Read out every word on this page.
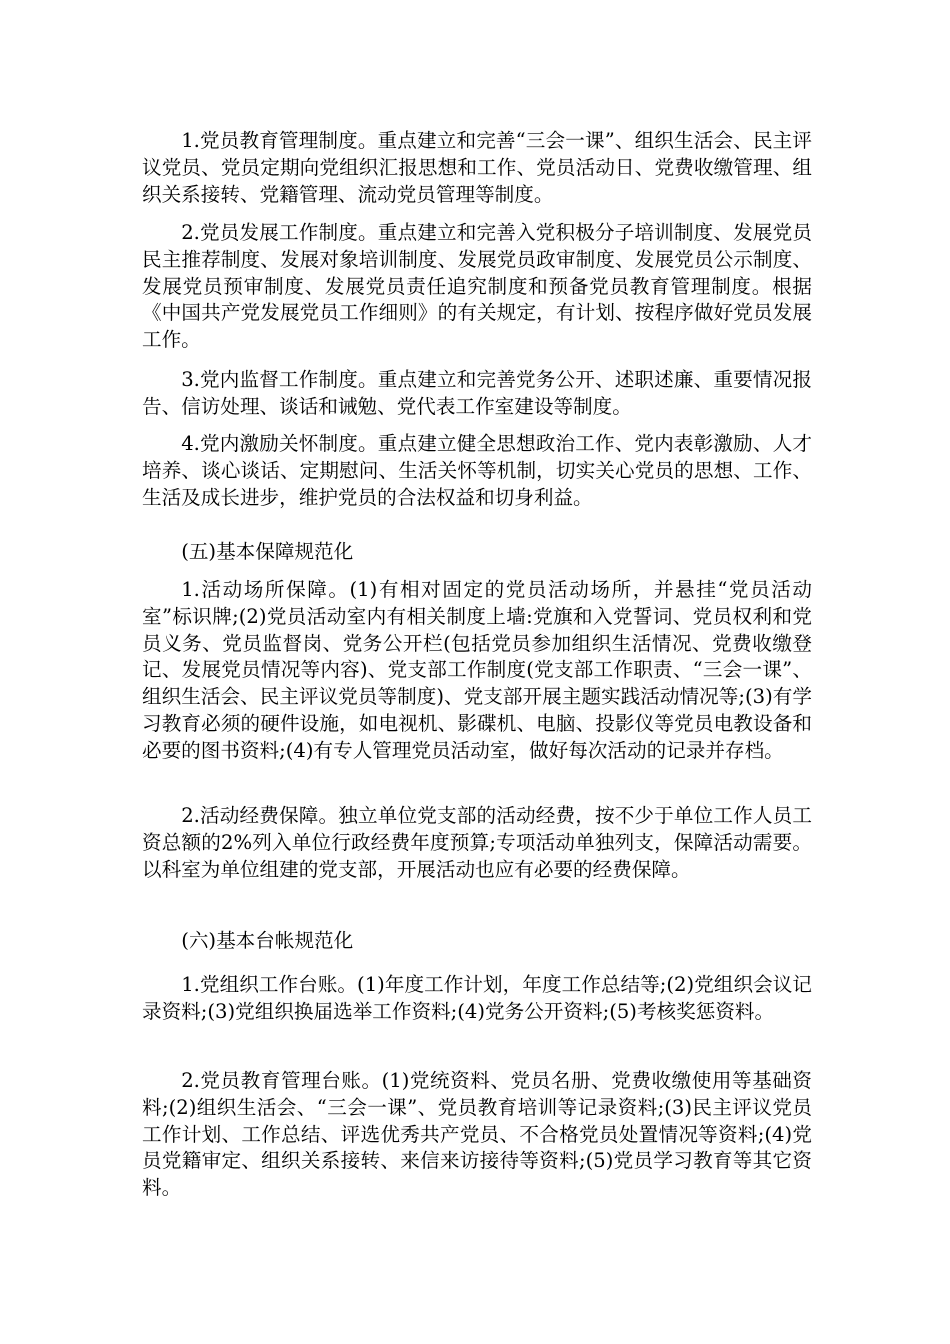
1.党员教育管理制度。重点建立和完善“三会一课”、组织生活会、民主评议党员、党员定期向党组织汇报思想和工作、党员活动日、党费收缴管理、组织关系接转、党籍管理、流动党员管理等制度。

2.党员发展工作制度。重点建立和完善入党积极分子培训制度、发展党员民主推荐制度、发展对象培训制度、发展党员政审制度、发展党员公示制度、发展党员预审制度、发展党员责任追究制度和预备党员教育管理制度。根据《中国共产党发展党员工作细则》的有关规定，有计划、按程序做好党员发展工作。

3.党内监督工作制度。重点建立和完善党务公开、述职述廉、重要情况报告、信访处理、谈话和诫勉、党代表工作室建设等制度。

4.党内激励关怀制度。重点建立健全思想政治工作、党内表彰激励、人才培养、谈心谈话、定期慰问、生活关怀等机制，切实关心党员的思想、工作、生活及成长进步，维护党员的合法权益和切身利益。

(五)基本保障规范化

1.活动场所保障。(1)有相对固定的党员活动场所，并悬挂“党员活动室”标识牌;(2)党员活动室内有相关制度上墙:党旗和入党誓词、党员权利和党员义务、党员监督岗、党务公开栏(包括党员参加组织生活情况、党费收缴登记、发展党员情况等内容)、党支部工作制度(党支部工作职责、“三会一课”、组织生活会、民主评议党员等制度)、党支部开展主题实践活动情况等;(3)有学习教育必须的硬件设施，如电视机、影碟机、电脑、投影仪等党员电教设备和必要的图书资料;(4)有专人管理党员活动室，做好每次活动的记录并存档。

2.活动经费保障。独立单位党支部的活动经费，按不少于单位工作人员工资总额的2%列入单位行政经费年度预算;专项活动单独列支，保障活动需要。以科室为单位组建的党支部，开展活动也应有必要的经费保障。

(六)基本台帐规范化

1.党组织工作台账。(1)年度工作计划，年度工作总结等;(2)党组织会议记录资料;(3)党组织换届选举工作资料;(4)党务公开资料;(5)考核奖惩资料。

2.党员教育管理台账。(1)党统资料、党员名册、党费收缴使用等基础资料;(2)组织生活会、“三会一课”、党员教育培训等记录资料;(3)民主评议党员工作计划、工作总结、评选优秀共产党员、不合格党员处置情况等资料;(4)党员党籍审定、组织关系接转、来信来访接待等资料;(5)党员学习教育等其它资料。
